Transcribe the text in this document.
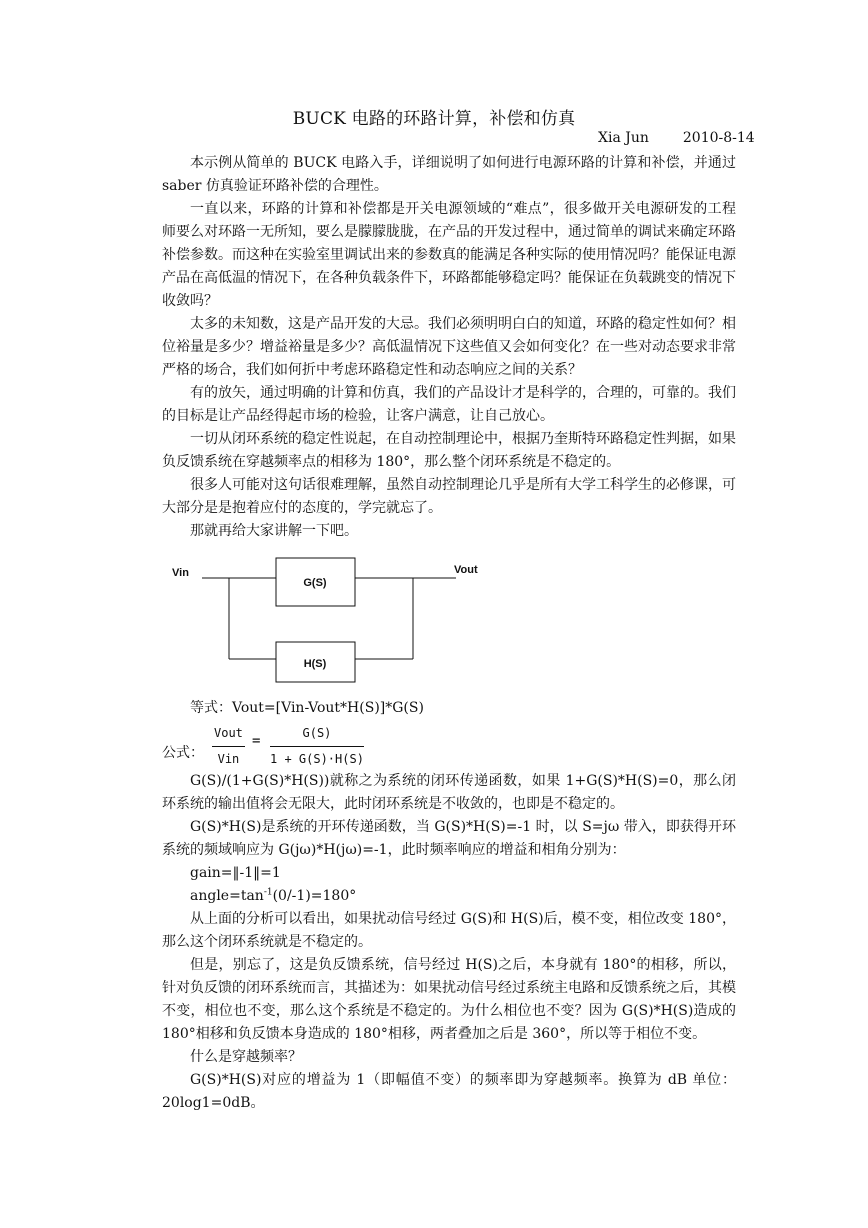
BUCK 电路的环路计算，补偿和仿真
Xia Jun 2010-8-14

本示例从简单的 BUCK 电路入手，详细说明了如何进行电源环路的计算和补偿，并通过 saber 仿真验证环路补偿的合理性。

一直以来，环路的计算和补偿都是开关电源领域的“难点”，很多做开关电源研发的工程师要么对环路一无所知，要么是朦朦胧胧，在产品的开发过程中，通过简单的调试来确定环路补偿参数。而这种在实验室里调试出来的参数真的能满足各种实际的使用情况吗？能保证电源产品在高低温的情况下，在各种负载条件下，环路都能够稳定吗？能保证在负载跳变的情况下收敛吗？

太多的未知数，这是产品开发的大忌。我们必须明明白白的知道，环路的稳定性如何？相位裕量是多少？增益裕量是多少？高低温情况下这些值又会如何变化？在一些对动态要求非常严格的场合，我们如何折中考虑环路稳定性和动态响应之间的关系？

有的放矢，通过明确的计算和仿真，我们的产品设计才是科学的，合理的，可靠的。我们的目标是让产品经得起市场的检验，让客户满意，让自己放心。

一切从闭环系统的稳定性说起，在自动控制理论中，根据乃奎斯特环路稳定性判据，如果负反馈系统在穿越频率点的相移为 180°，那么整个闭环系统是不稳定的。

很多人可能对这句话很难理解，虽然自动控制理论几乎是所有大学工科学生的必修课，可大部分是是抱着应付的态度的，学完就忘了。

那就再给大家讲解一下吧。

Vin	Vout
G(S)
H(S)

等式：Vout=[Vin-Vout*H(S)]*G(S)

公式：
Vout
Vin
= $\frac{G(S)}{1 + G(S)\cdot H(S)}$

G(S)/(1+G(S)*H(S))就称之为系统的闭环传递函数，如果 1+G(S)*H(S)=0，那么闭环系统的输出值将会无限大，此时闭环系统是不收敛的，也即是不稳定的。

G(S)*H(S)是系统的开环传递函数，当 G(S)*H(S)=-1 时，以 S=jω 带入，即获得开环系统的频域响应为 G(jω)*H(jω)=-1，此时频率响应的增益和相角分别为：

gain=‖-1‖=1

$angle=\tan^{-1}(0/-1)=180^\circ$

从上面的分析可以看出，如果扰动信号经过 G(S)和 H(S)后，模不变，相位改变 180°，那么这个闭环系统就是不稳定的。

但是，别忘了，这是负反馈系统，信号经过 H(S)之后，本身就有 180°的相移，所以，针对负反馈的闭环系统而言，其描述为：如果扰动信号经过系统主电路和反馈系统之后，其模不变，相位也不变，那么这个系统是不稳定的。为什么相位也不变？因为 G(S)*H(S)造成的 180°相移和负反馈本身造成的 180°相移，两者叠加之后是 360°，所以等于相位不变。

什么是穿越频率？

G(S)*H(S)对应的增益为 1（即幅值不变）的频率即为穿越频率。换算为 dB 单位：20log1=0dB。
